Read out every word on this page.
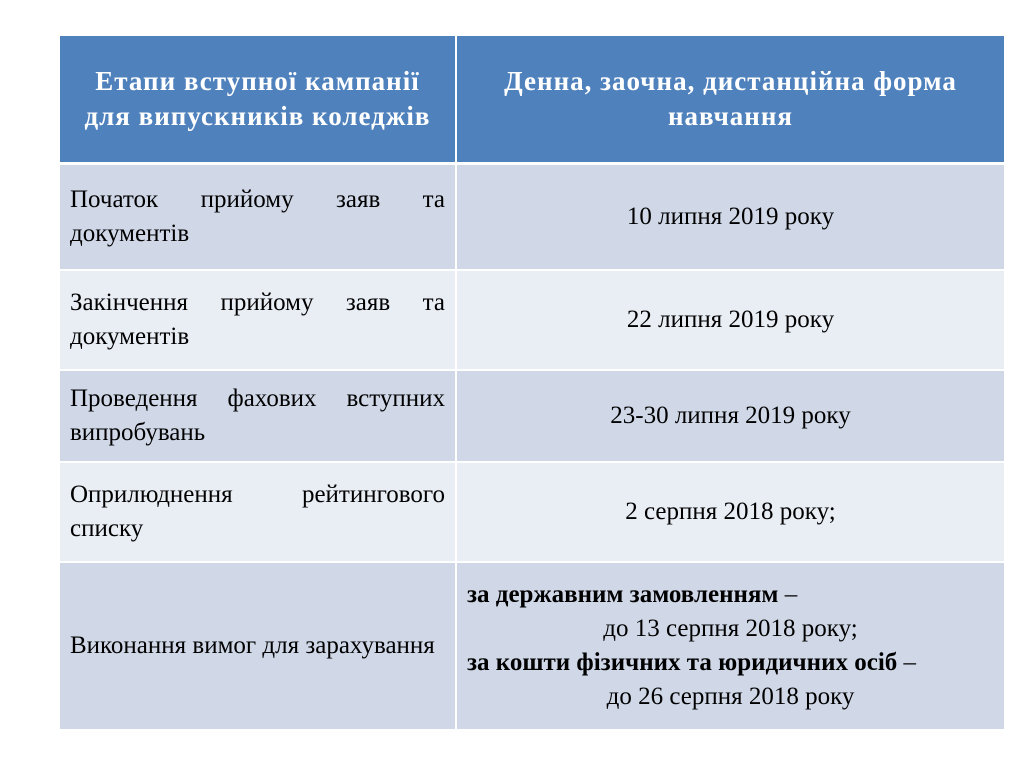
Етапи вступної кампанії для випускників коледжів	Денна, заочна, дистанційна форма навчання
Початок прийому заяв та документів	10 липня 2019 року
Закінчення прийому заяв та документів	22 липня 2019 року
Проведення фахових вступних випробувань	23-30 липня 2019 року
Оприлюднення рейтингового списку	2 серпня 2018 року;
Виконання вимог для зарахування	за державним замовленням –
до 13 серпня 2018 року;
за кошти фізичних та юридичних осіб –
до 26 серпня 2018 року
